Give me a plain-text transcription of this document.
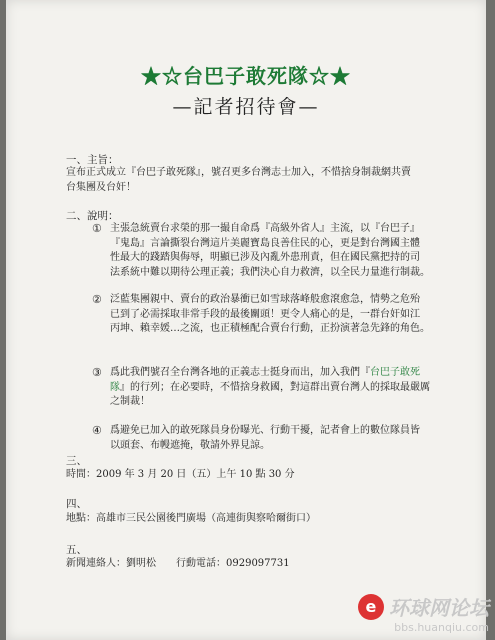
★☆台巴子敢死隊☆★
—記者招待會—
一、主旨：
宣布正式成立『台巴子敢死隊』，號召更多台灣志士加入，不惜捨身制裁網共賣
台集團及台奸！
二、說明：
① 主張急統賣台求榮的那一撮自命爲『高級外省人』主流，以『台巴子』
『鬼島』言論撕裂台灣這片美麗寶島良善住民的心，更是對台灣國主體
性最大的踐踏與侮辱，明顯已涉及內亂外患刑責，但在國民黨把持的司
法系統中難以期待公理正義；我們決心自力救濟，以全民力量進行制裁。
② 泛藍集團親中、賣台的政治暴衝已如雪球落峰般愈滾愈急，情勢之危殆
已到了必需採取非常手段的最後關頭！更令人痛心的是，一群台奸如江
丙坤、賴幸媛…之流，也正積極配合賣台行動，正扮演著急先鋒的角色。
③ 爲此我們號召全台灣各地的正義志士挺身而出，加入我們『台巴子敢死
隊』的行列；在必要時，不惜捨身救國，對這群出賣台灣人的採取最嚴厲
之制裁！
④ 爲避免已加入的敢死隊員身份曝光、行動干擾，記者會上的數位隊員皆
以頭套、布幔遮掩，敬請外界見諒。
三、
時間：2009 年 3 月 20 日（五）上午 10 點 30 分
四、
地點：高雄市三民公園後門廣場（高連街與察哈爾街口）
五、
新聞連絡人：劉明松　　行動電話：0929097731
e 环球网论坛
bbs.huanqiu.com
